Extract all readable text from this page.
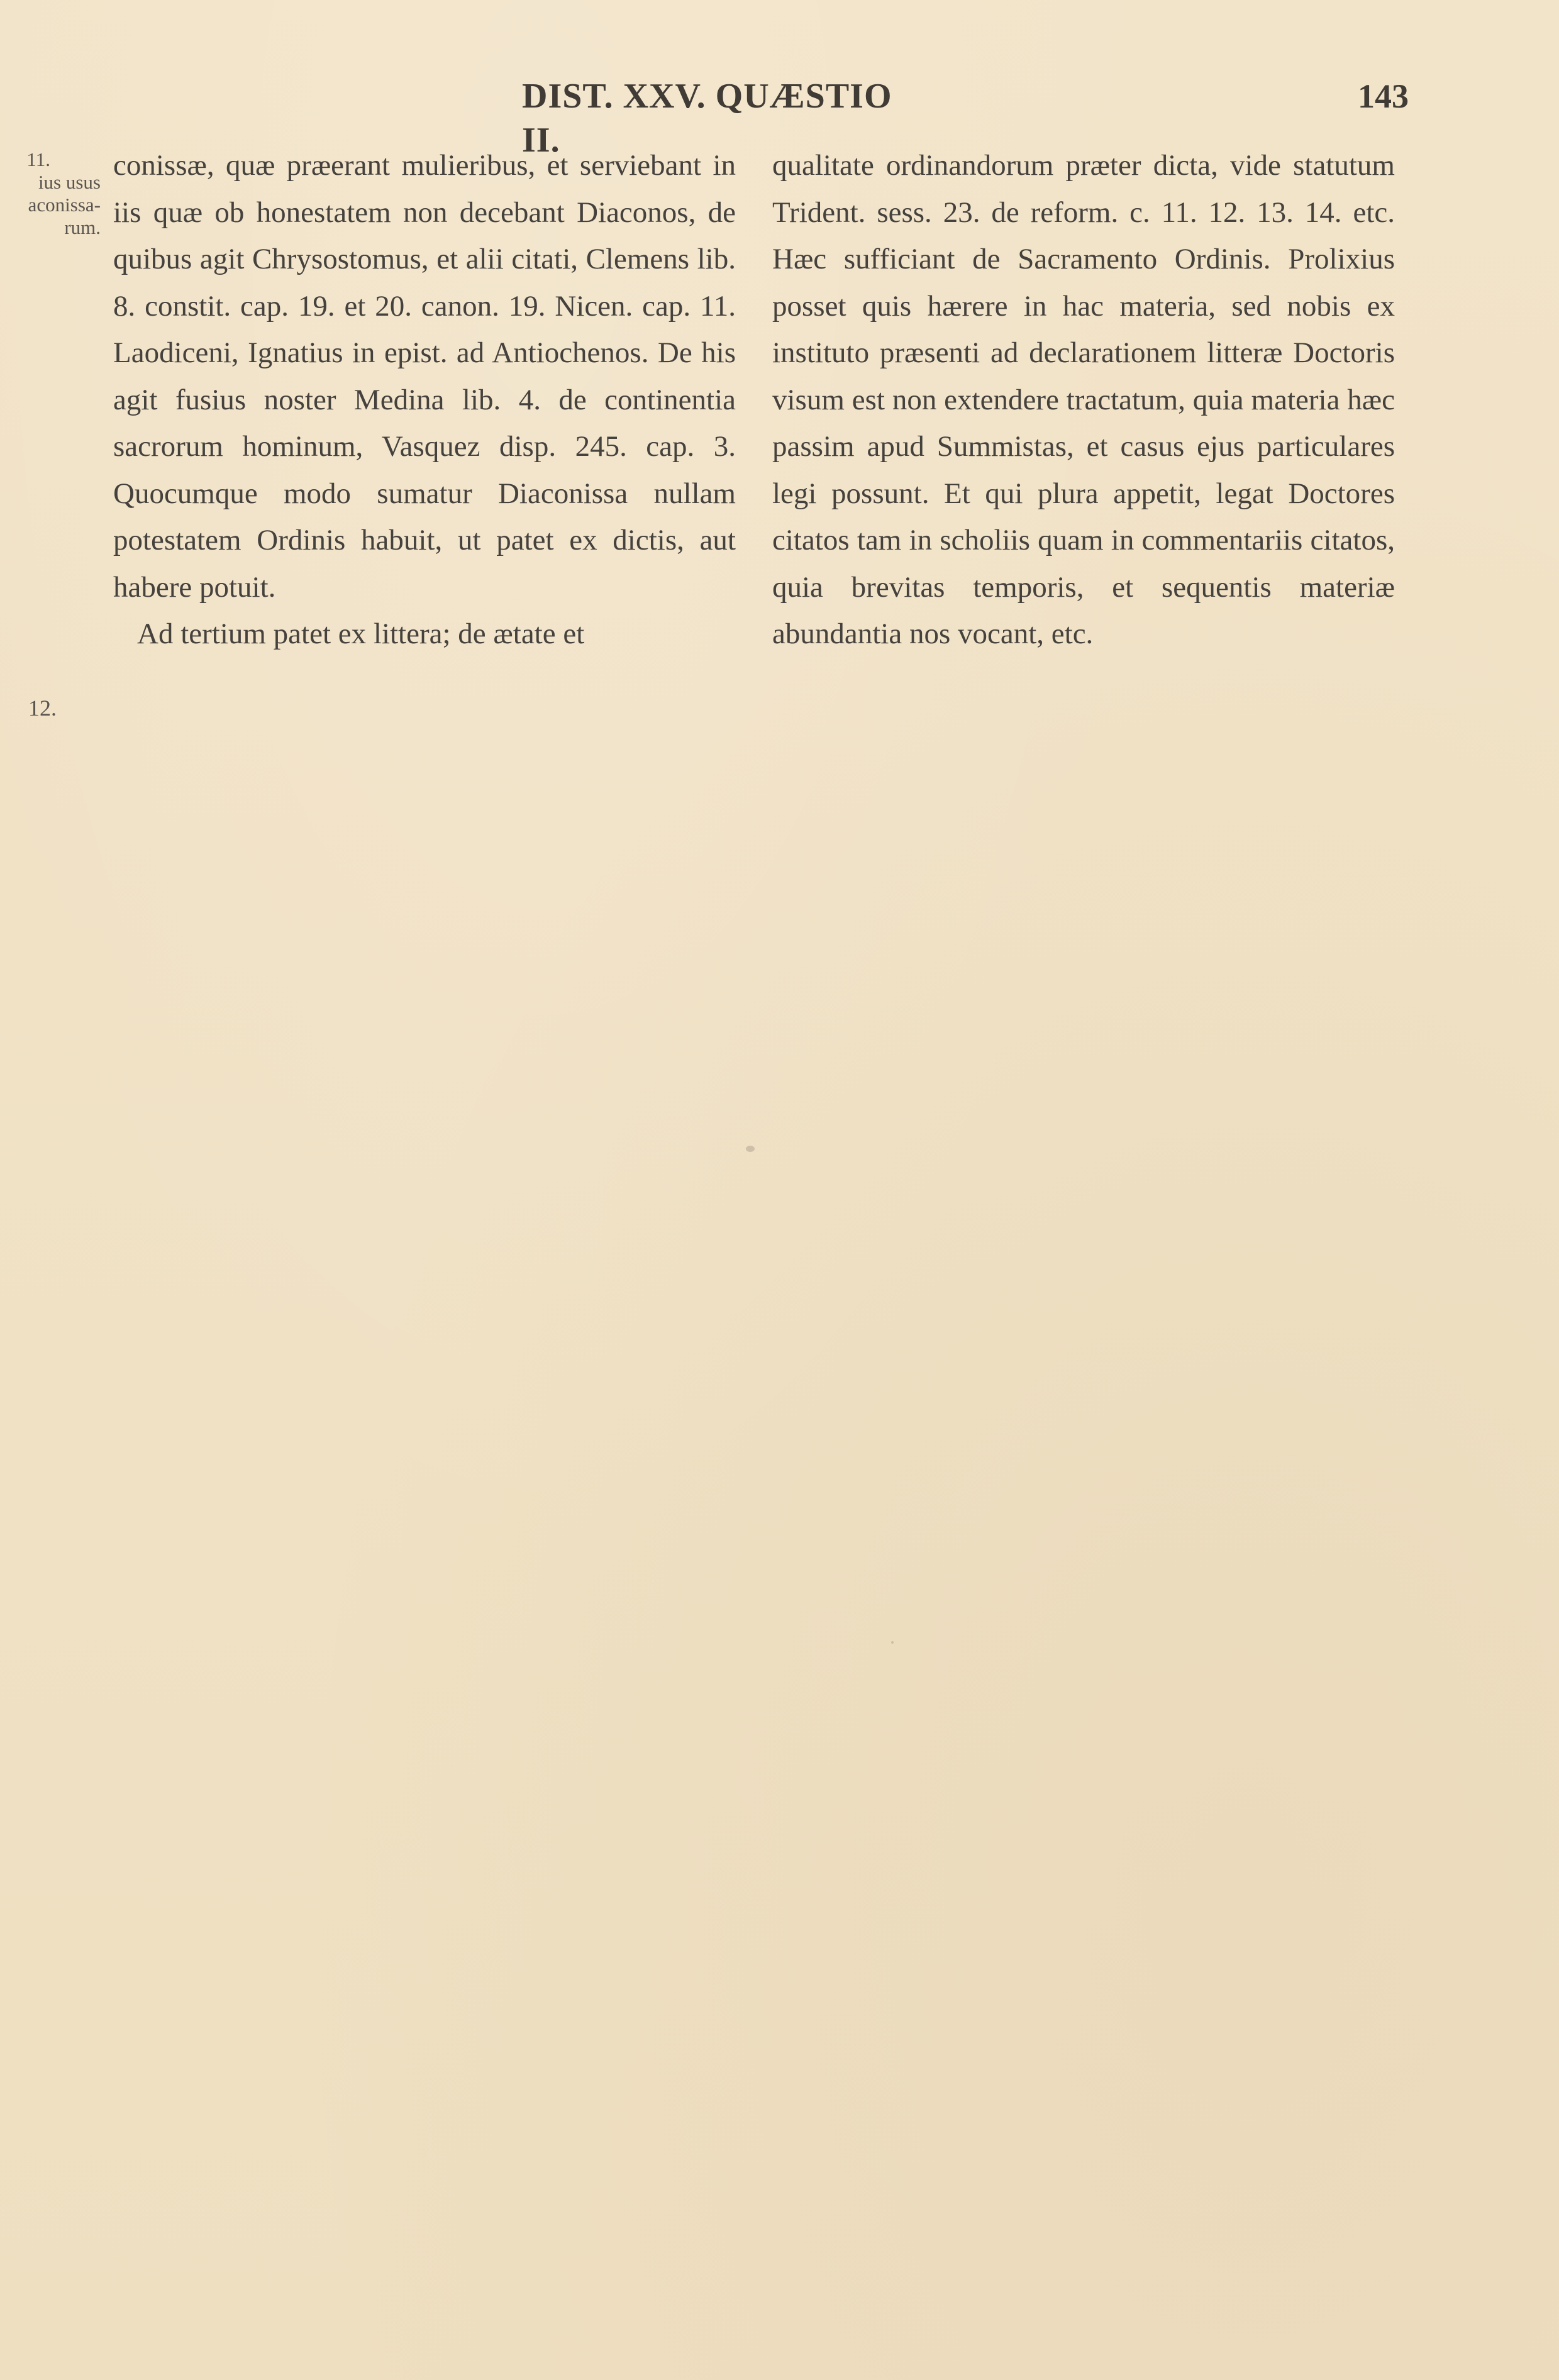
DIST. XXV. QUÆSTIO II.
143
11.
ius usus
aconissa-
rum.
12.

conissæ, quæ præerant mulieribus, et serviebant in iis quæ ob honestatem non decebant Diaconos, de quibus agit Chrysostomus, et alii citati, Clemens lib. 8. constit. cap. 19. et 20. canon. 19. Nicen. cap. 11. Laodiceni, Ignatius in epist. ad Antiochenos. De his agit fusius noster Medina lib. 4. de continentia sacrorum hominum, Vasquez disp. 245. cap. 3. Quocumque modo sumatur Diaconissa nullam potestatem Ordinis habuit, ut patet ex dictis, aut habere potuit.

Ad tertium patet ex littera; de ætate et

qualitate ordinandorum præter dicta, vide statutum Trident. sess. 23. de reform. c. 11. 12. 13. 14. etc. Hæc sufficiant de Sacramento Ordinis. Prolixius posset quis hærere in hac materia, sed nobis ex instituto præsenti ad declarationem litteræ Doctoris visum est non extendere tractatum, quia materia hæc passim apud Summistas, et casus ejus particulares legi possunt. Et qui plura appetit, legat Doctores citatos tam in scholiis quam in commentariis citatos, quia brevitas temporis, et sequentis materiæ abundantia nos vocant, etc.
